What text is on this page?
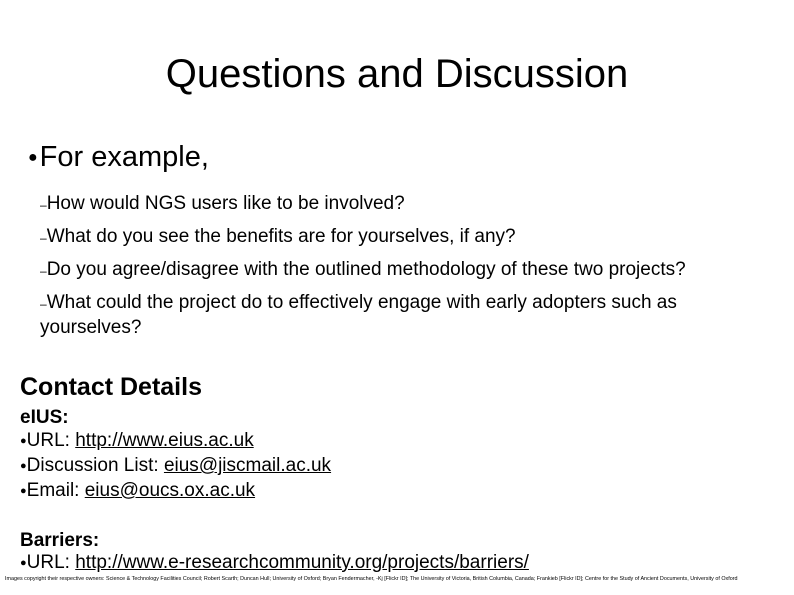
Questions and Discussion
●For example,
–How would NGS users like to be involved?
–What do you see the benefits are for yourselves, if any?
–Do you agree/disagree with the outlined methodology of these two projects?
–What could the project do to effectively engage with early adopters such as yourselves?
Contact Details
eIUS:
●URL: http://www.eius.ac.uk
●Discussion List: eius@jiscmail.ac.uk
●Email: eius@oucs.ox.ac.uk
Barriers:
●URL: http://www.e-researchcommunity.org/projects/barriers/
Images copyright their respective owners: Science & Technology Facilities Council; Robert Scarth; Duncan Hull; University of Oxford; Bryan Fendermacher, -Kj [Flickr ID]; The University of Victoria, British Columbia, Canada; Frankieb [Flickr ID]; Centre for the Study of Ancient Documents, University of Oxford
